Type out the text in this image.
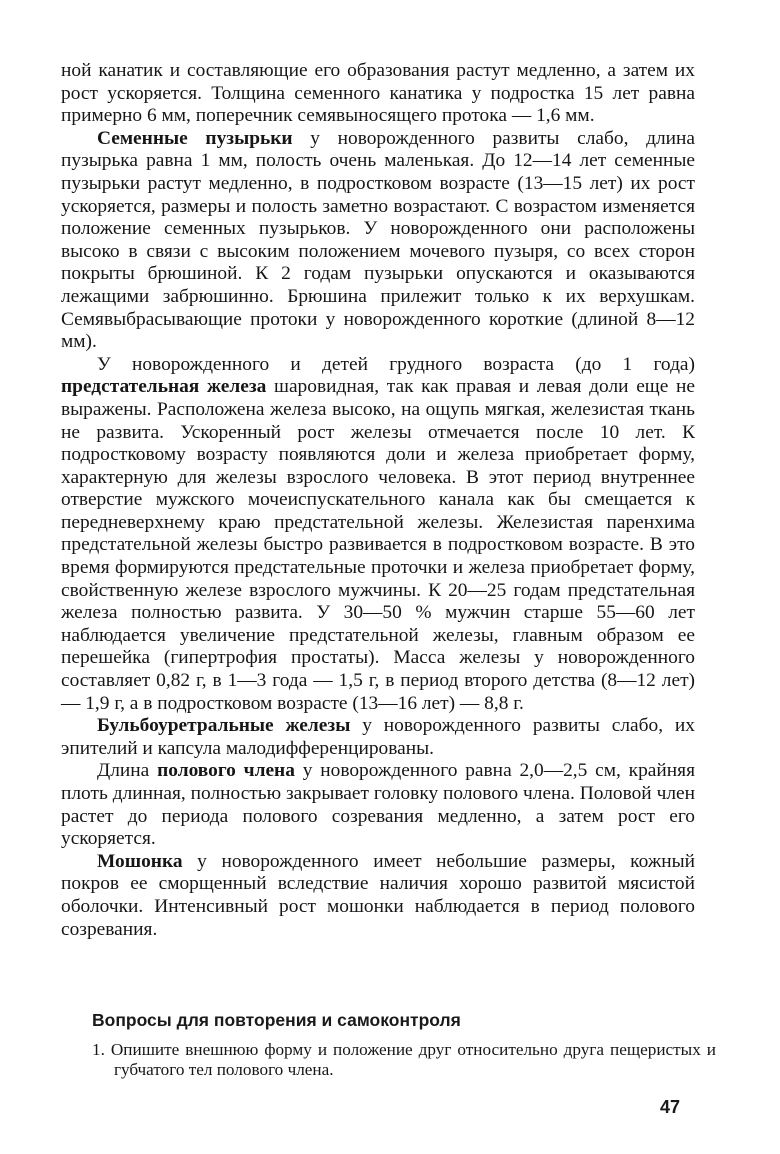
ной канатик и составляющие его образования растут медленно, а затем их рост ускоряется. Толщина семенного канатика у подростка 15 лет равна примерно 6 мм, поперечник семявыносящего протока — 1,6 мм.

Семенные пузырьки у новорожденного развиты слабо, длина пузырька равна 1 мм, полость очень маленькая. До 12—14 лет семенные пузырьки растут медленно, в подростковом возрасте (13—15 лет) их рост ускоряется, размеры и полость заметно возрастают. С возрастом изменяется положение семенных пузырьков. У новорожденного они расположены высоко в связи с высоким положением мочевого пузыря, со всех сторон покрыты брюшиной. К 2 годам пузырьки опускаются и оказываются лежащими забрюшинно. Брюшина прилежит только к их верхушкам. Семявыбрасывающие протоки у новорожденного короткие (длиной 8—12 мм).

У новорожденного и детей грудного возраста (до 1 года) предстательная железа шаровидная, так как правая и левая доли еще не выражены. Расположена железа высоко, на ощупь мягкая, железистая ткань не развита. Ускоренный рост железы отмечается после 10 лет. К подростковому возрасту появляются доли и железа приобретает форму, характерную для железы взрослого человека. В этот период внутреннее отверстие мужского мочеиспускательного канала как бы смещается к передневерхнему краю предстательной железы. Железистая паренхима предстательной железы быстро развивается в подростковом возрасте. В это время формируются предстательные проточки и железа приобретает форму, свойственную железе взрослого мужчины. К 20—25 годам предстательная железа полностью развита. У 30—50 % мужчин старше 55—60 лет наблюдается увеличение предстательной железы, главным образом ее перешейка (гипертрофия простаты). Масса железы у новорожденного составляет 0,82 г, в 1—3 года — 1,5 г, в период второго детства (8—12 лет) — 1,9 г, а в подростковом возрасте (13—16 лет) — 8,8 г.

Бульбоуретральные железы у новорожденного развиты слабо, их эпителий и капсула малодифференцированы.

Длина полового члена у новорожденного равна 2,0—2,5 см, крайняя плоть длинная, полностью закрывает головку полового члена. Половой член растет до периода полового созревания медленно, а затем рост его ускоряется.

Мошонка у новорожденного имеет небольшие размеры, кожный покров ее сморщенный вследствие наличия хорошо развитой мясистой оболочки. Интенсивный рост мошонки наблюдается в период полового созревания.

Вопросы для повторения и самоконтроля

1. Опишите внешнюю форму и положение друг относительно друга пещеристых и губчатого тел полового члена.

47
